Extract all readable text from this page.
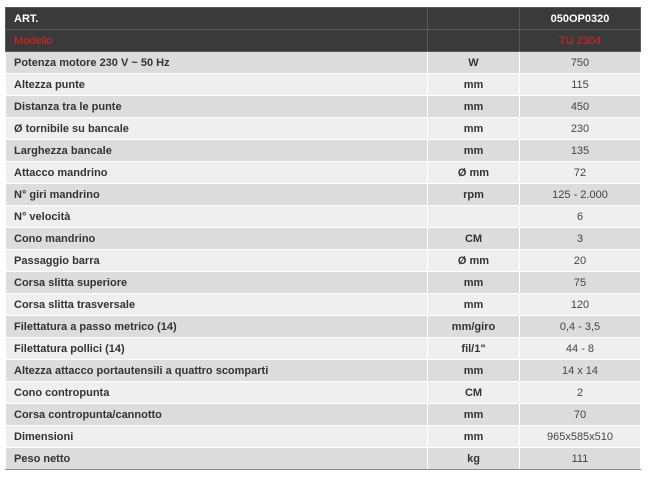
ART.		050OP0320
Modello		TU 2304
Potenza motore 230 V ~ 50 Hz	W	750
Altezza punte	mm	115
Distanza tra le punte	mm	450
Ø tornibile su bancale	mm	230
Larghezza bancale	mm	135
Attacco mandrino	Ø mm	72
N° giri mandrino	rpm	125 - 2.000
N° velocità		6
Cono mandrino	CM	3
Passaggio barra	Ø mm	20
Corsa slitta superiore	mm	75
Corsa slitta trasversale	mm	120
Filettatura a passo metrico (14)	mm/giro	0,4 - 3,5
Filettatura pollici (14)	fil/1"	44 - 8
Altezza attacco portautensili a quattro scomparti	mm	14 x 14
Cono contropunta	CM	2
Corsa contropunta/cannotto	mm	70
Dimensioni	mm	965x585x510
Peso netto	kg	111
